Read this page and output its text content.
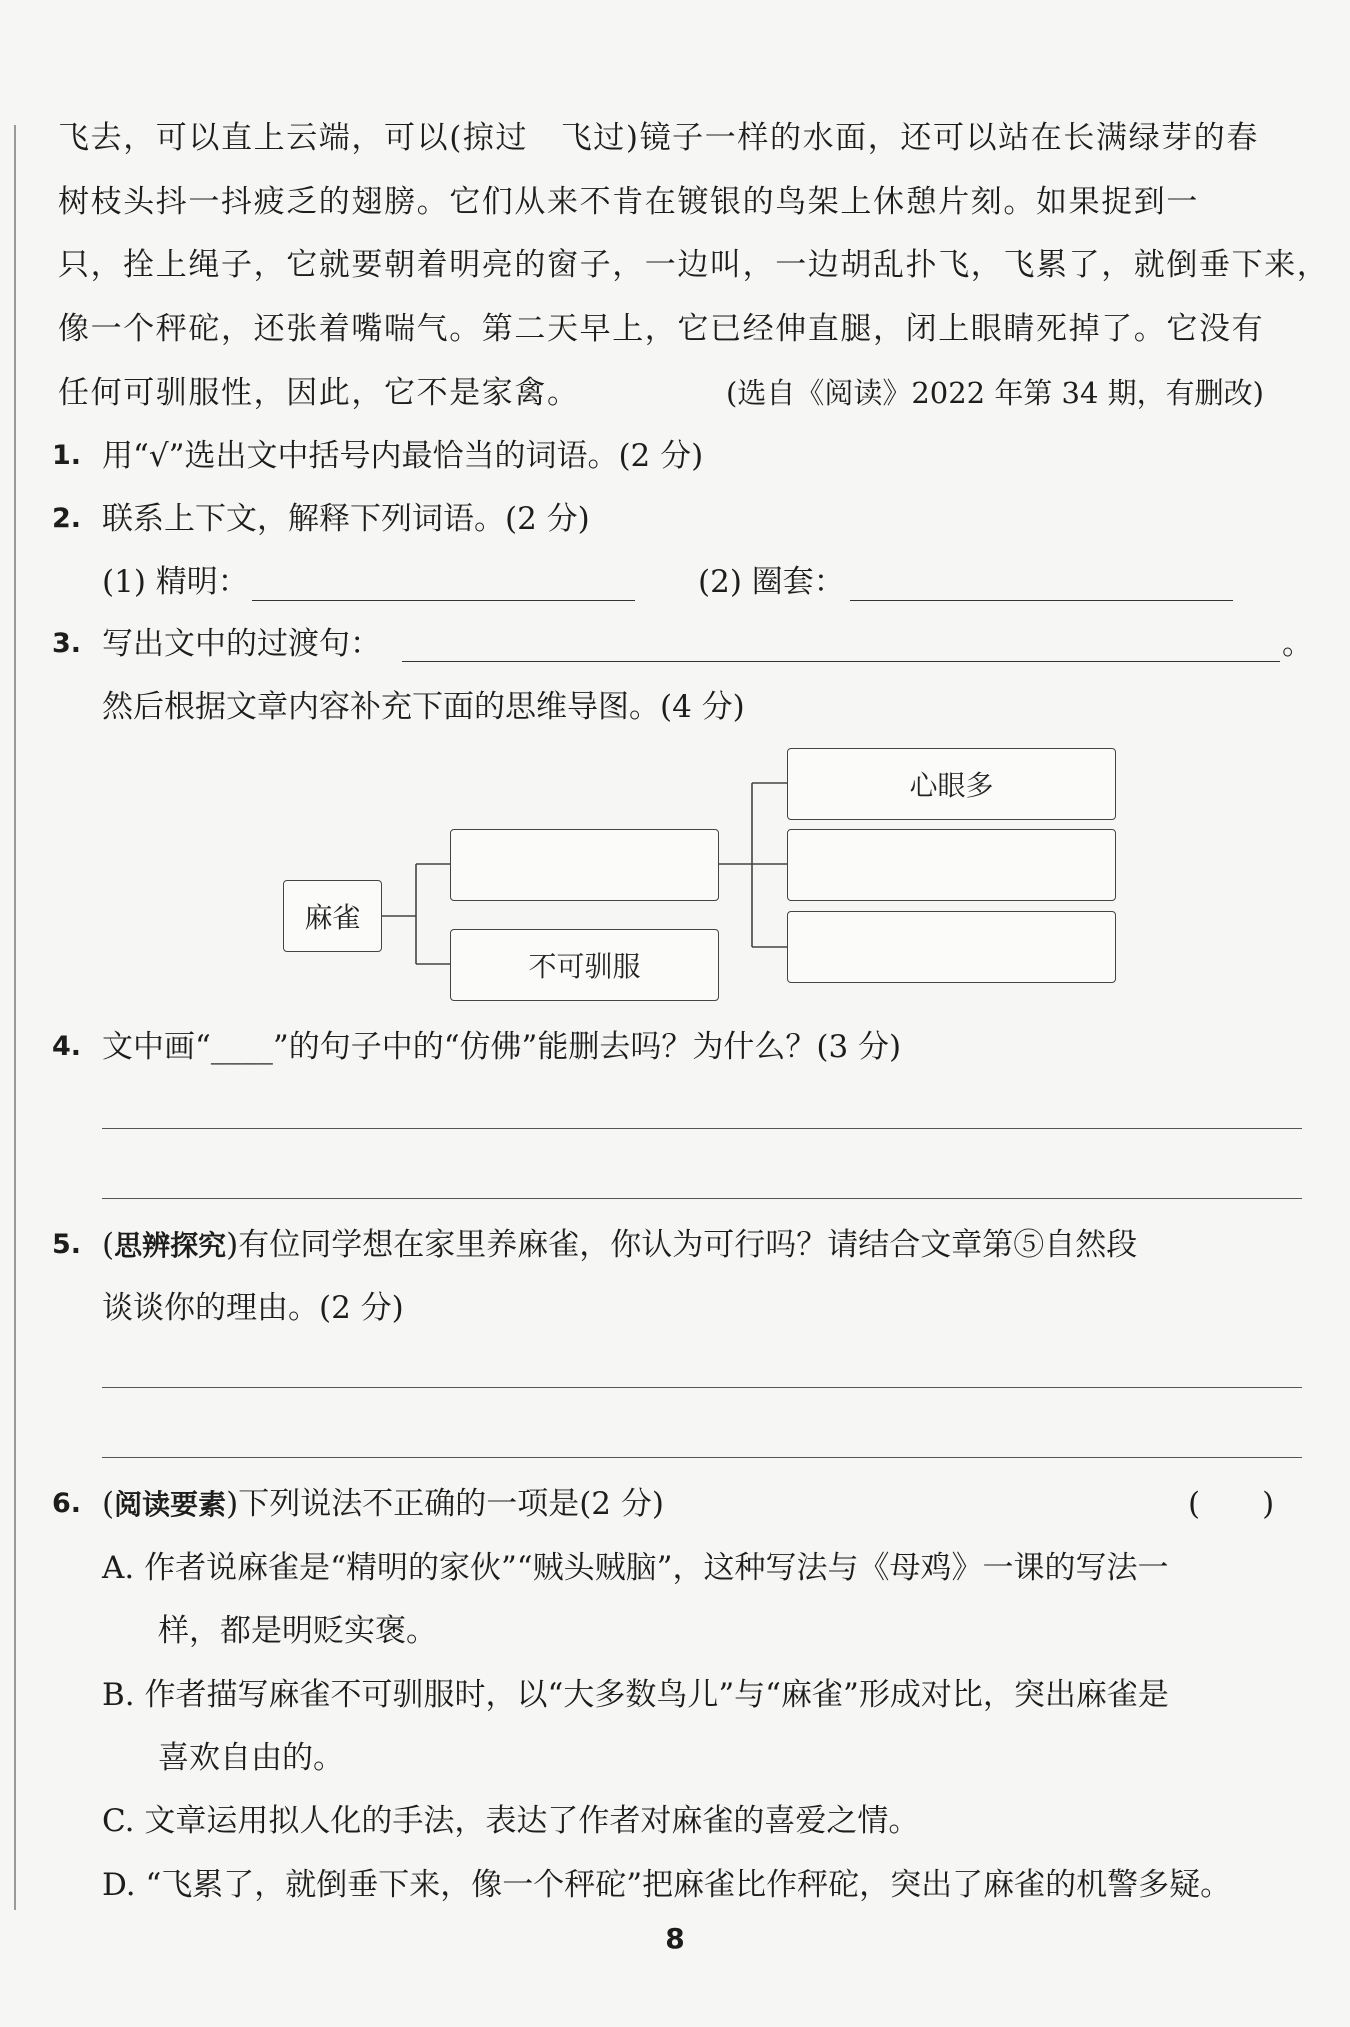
飞去，可以直上云端，可以(掠过　飞过)镜子一样的水面，还可以站在长满绿芽的春
树枝头抖一抖疲乏的翅膀。它们从来不肯在镀银的鸟架上休憩片刻。如果捉到一
只，拴上绳子，它就要朝着明亮的窗子，一边叫，一边胡乱扑飞，飞累了，就倒垂下来，
像一个秤砣，还张着嘴喘气。第二天早上，它已经伸直腿，闭上眼睛死掉了。它没有
任何可驯服性，因此，它不是家禽。	(选自《阅读》2022 年第 34 期，有删改)
1. 用“√”选出文中括号内最恰当的词语。(2 分)
2. 联系上下文，解释下列词语。(2 分)
(1) 精明：	(2) 圈套：
3. 写出文中的过渡句：	。
然后根据文章内容补充下面的思维导图。(4 分)
麻雀
不可驯服
心眼多
4. 文中画“____”的句子中的“仿佛”能删去吗？为什么？(3 分)
5. (思辨探究)有位同学想在家里养麻雀，你认为可行吗？请结合文章第⑤自然段
谈谈你的理由。(2 分)
6. (阅读要素)下列说法不正确的一项是(2 分)	(　　)
A. 作者说麻雀是“精明的家伙”“贼头贼脑”，这种写法与《母鸡》一课的写法一
样，都是明贬实褒。
B. 作者描写麻雀不可驯服时，以“大多数鸟儿”与“麻雀”形成对比，突出麻雀是
喜欢自由的。
C. 文章运用拟人化的手法，表达了作者对麻雀的喜爱之情。
D. “飞累了，就倒垂下来，像一个秤砣”把麻雀比作秤砣，突出了麻雀的机警多疑。
8
